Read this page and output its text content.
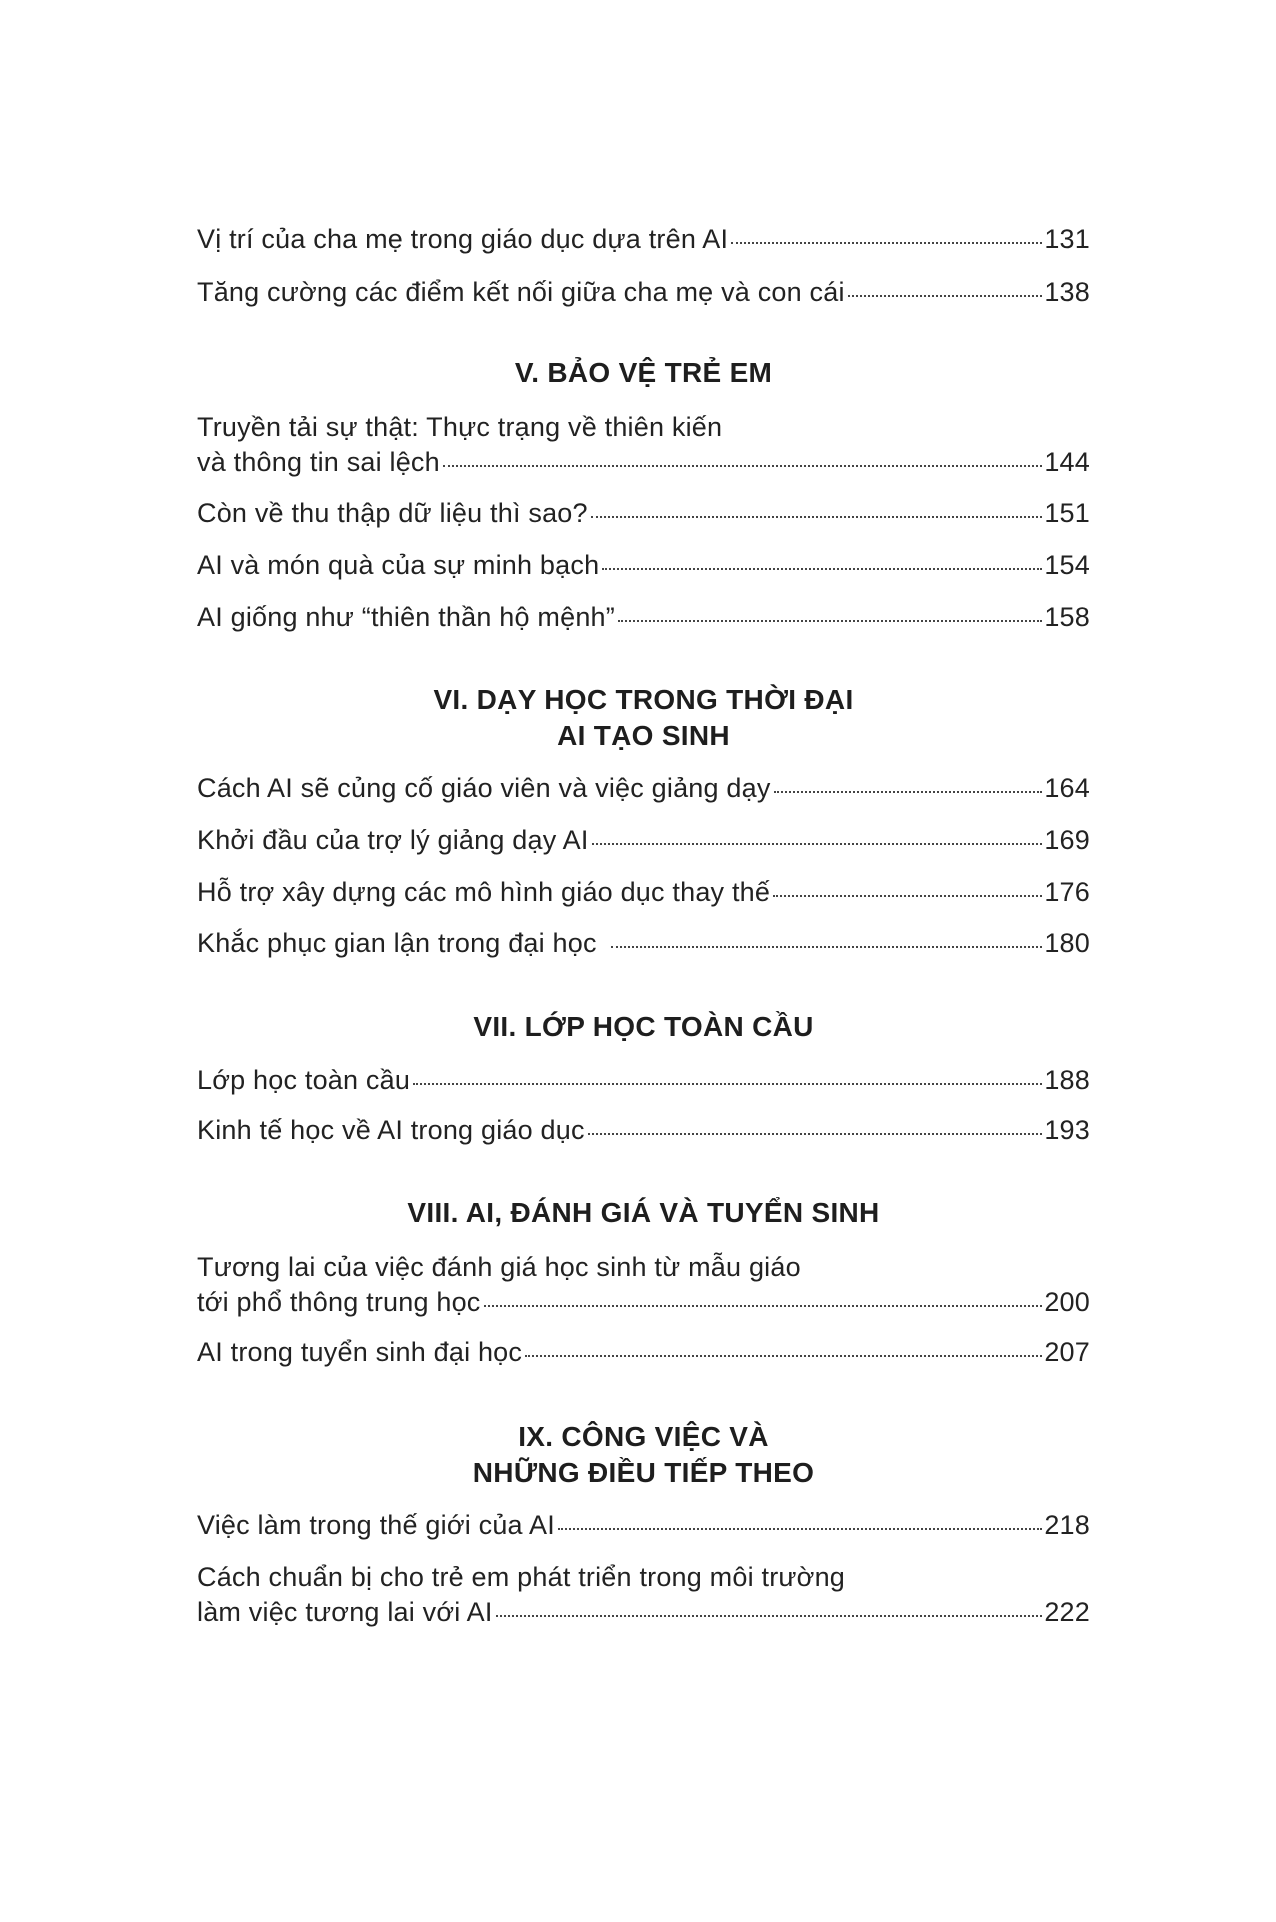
Vị trí của cha mẹ trong giáo dục dựa trên AI	131
Tăng cường các điểm kết nối giữa cha mẹ và con cái	138
V. BẢO VỆ TRẺ EM
Truyền tải sự thật: Thực trạng về thiên kiến
và thông tin sai lệch	144
Còn về thu thập dữ liệu thì sao?	151
AI và món quà của sự minh bạch	154
AI giống như “thiên thần hộ mệnh”	158
VI. DẠY HỌC TRONG THỜI ĐẠI
AI TẠO SINH
Cách AI sẽ củng cố giáo viên và việc giảng dạy	164
Khởi đầu của trợ lý giảng dạy AI	169
Hỗ trợ xây dựng các mô hình giáo dục thay thế	176
Khắc phục gian lận trong đại học	180
VII. LỚP HỌC TOÀN CẦU
Lớp học toàn cầu	188
Kinh tế học về AI trong giáo dục	193
VIII. AI, ĐÁNH GIÁ VÀ TUYỂN SINH
Tương lai của việc đánh giá học sinh từ mẫu giáo
tới phổ thông trung học	200
AI trong tuyển sinh đại học	207
IX. CÔNG VIỆC VÀ
NHỮNG ĐIỀU TIẾP THEO
Việc làm trong thế giới của AI	218
Cách chuẩn bị cho trẻ em phát triển trong môi trường
làm việc tương lai với AI	222
